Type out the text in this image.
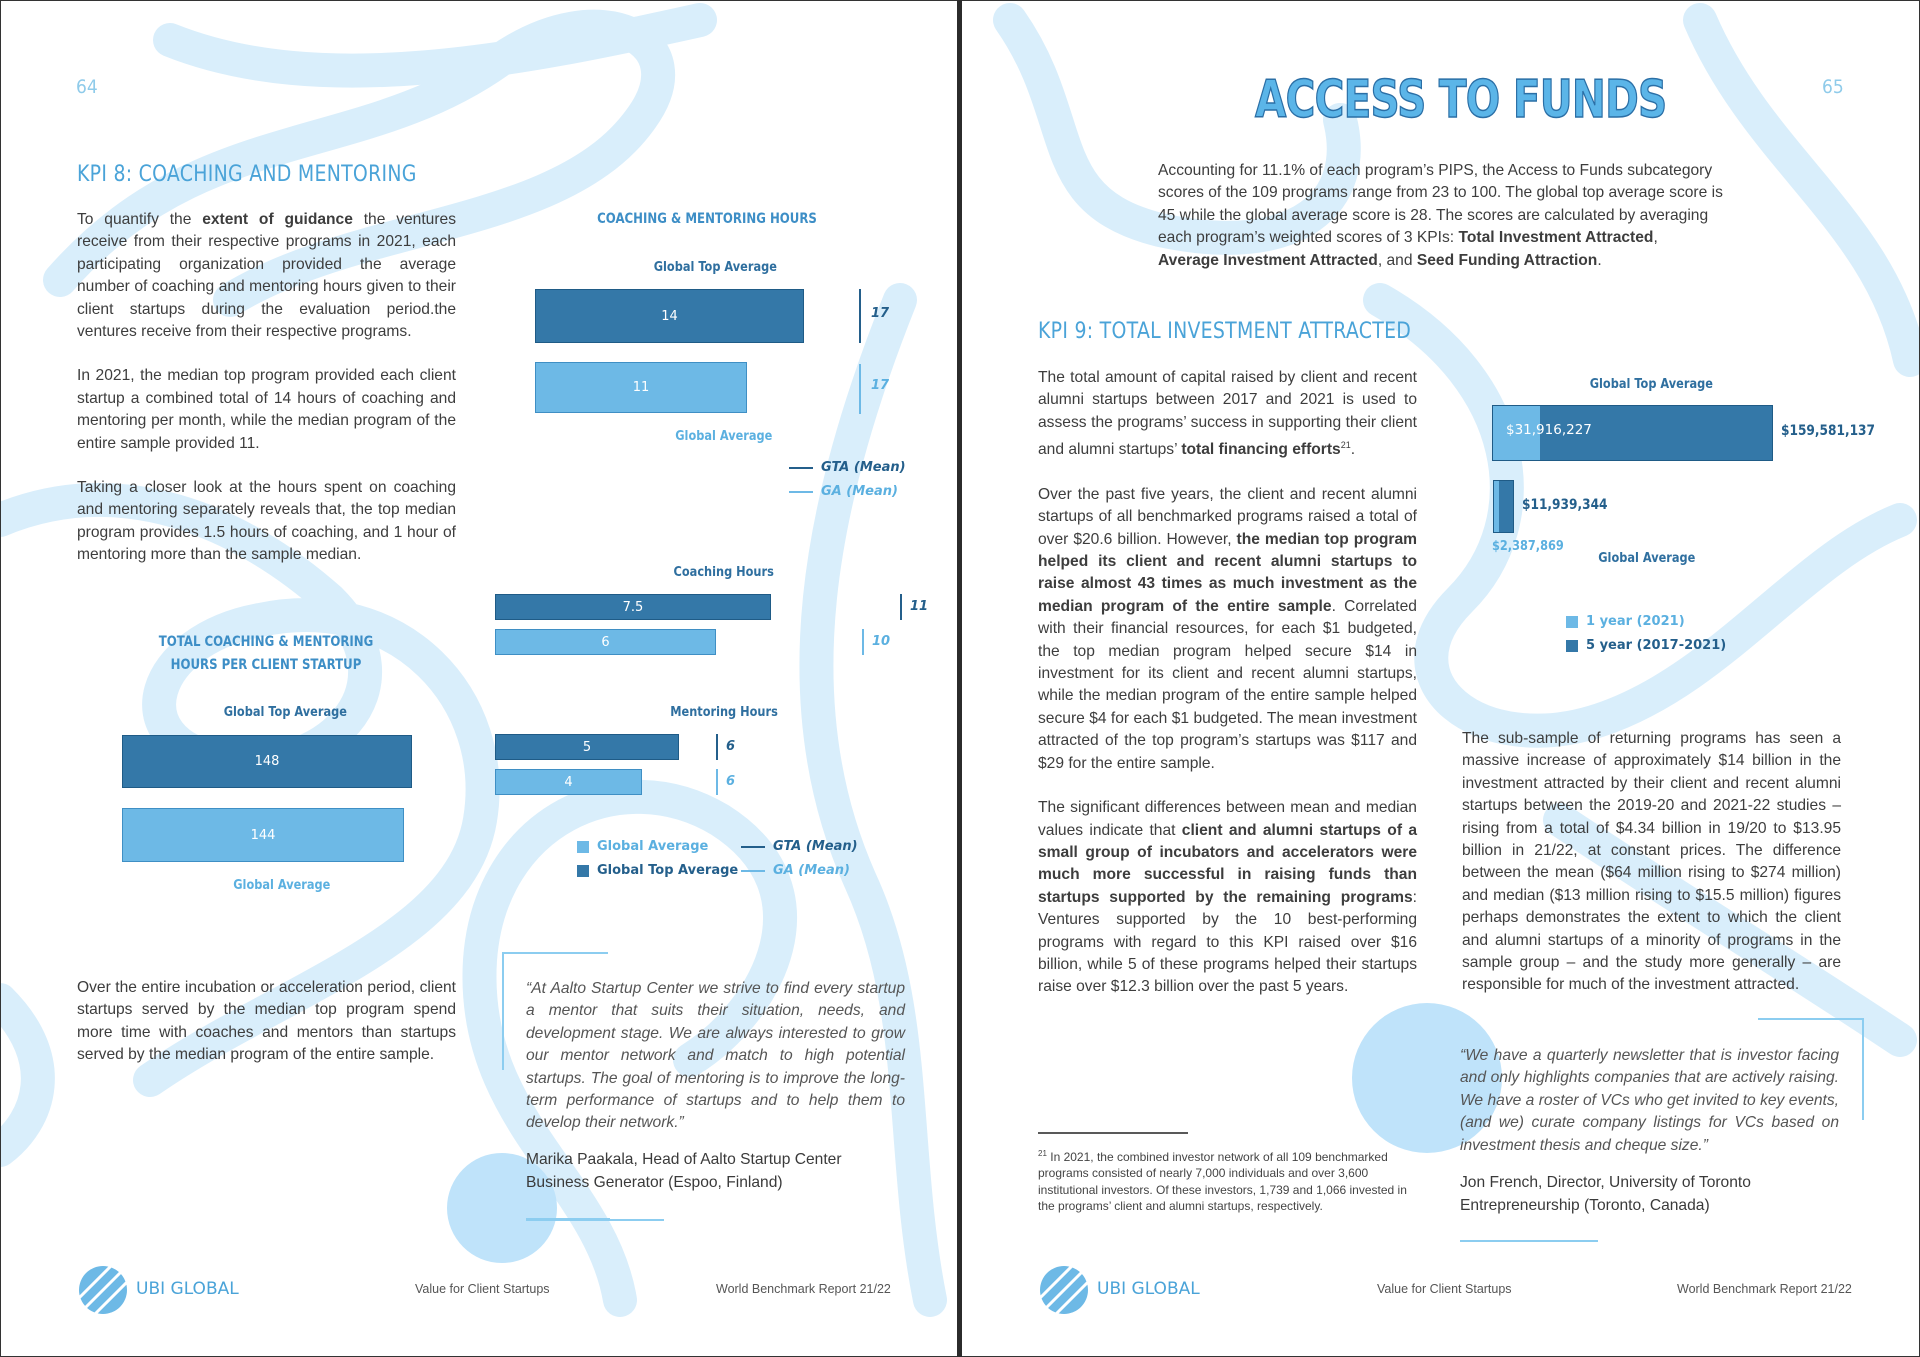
64
KPI 8: COACHING AND MENTORING

To quantify the extent of guidance the ventures receive from their respective programs in 2021, each participating organization provided the average number of coaching and mentoring hours given to their client startups during the evaluation period.the ventures receive from their respective programs.

In 2021, the median top program provided each client startup a combined total of 14 hours of coaching and mentoring per month, while the median program of the entire sample provided 11.

Taking a closer look at the hours spent on coaching and mentoring separately reveals that, the top median program provides 1.5 hours of coaching, and 1 hour of mentoring more than the sample median.

COACHING & MENTORING HOURS
Global Top Average
14	17
11	17
Global Average
GTA (Mean)
GA (Mean)
Coaching Hours
7.5	11
6	10
Mentoring Hours
5	6
4	6
Global Average
Global Top Average
GTA (Mean)
GA (Mean)
TOTAL COACHING & MENTORING
HOURS PER CLIENT STARTUP
Global Top Average
148
144
Global Average
Over the entire incubation or acceleration period, client startups served by the median top program spend more time with coaches and mentors than startups served by the median program of the entire sample.
“At Aalto Startup Center we strive to find every startup a mentor that suits their situation, needs, and development stage. We are always interested to grow our mentor network and match to high potential startups. The goal of mentoring is to improve the long-term performance of startups and to help them to develop their network.”
Marika Paakala, Head of Aalto Startup Center
Business Generator (Espoo, Finland)
UBI GLOBAL	Value for Client Startups	World Benchmark Report 21/22
ACCESS TO FUNDS	65
Accounting for 11.1% of each program’s PIPS, the Access to Funds subcategory scores of the 109 programs range from 23 to 100. The global top average score is 45 while the global average score is 28. The scores are calculated by averaging each program’s weighted scores of 3 KPIs: Total Investment Attracted, Average Investment Attracted, and Seed Funding Attraction.
KPI 9: TOTAL INVESTMENT ATTRACTED

The total amount of capital raised by client and recent alumni startups between 2017 and 2021 is used to assess the programs’ success in supporting their client and alumni startups’ total financing efforts$^{21}$.

Over the past five years, the client and recent alumni startups of all benchmarked programs raised a total of over $20.6 billion. However, the median top program helped its client and recent alumni startups to raise almost 43 times as much investment as the median program of the entire sample. Correlated with their financial resources, for each $1 budgeted, the top median program helped secure $14 in investment for its client and recent alumni startups, while the median program of the entire sample helped secure $4 for each $1 budgeted. The mean investment attracted of the top program’s startups was $117 and $29 for the entire sample.

The significant differences between mean and median values indicate that client and alumni startups of a small group of incubators and accelerators were much more successful in raising funds than startups supported by the remaining programs: Ventures supported by the 10 best-performing programs with regard to this KPI raised over $16 billion, while 5 of these programs helped their startups raise over $12.3 billion over the past 5 years.

Global Top Average
$31,916,227	$159,581,137
$11,939,344
$2,387,869
Global Average
1 year (2021)
5 year (2017-2021)
The sub-sample of returning programs has seen a massive increase of approximately $14 billion in the investment attracted by their client and recent alumni startups between the 2019-20 and 2021-22 studies – rising from a total of $4.34 billion in 19/20 to $13.95 billion in 21/22, at constant prices. The difference between the mean ($64 million rising to $274 million) and median ($13 million rising to $15.5 million) figures perhaps demonstrates the extent to which the client and alumni startups of a minority of programs in the sample group – and the study more generally – are responsible for much of the investment attracted.
$^{21}$ In 2021, the combined investor network of all 109 benchmarked programs consisted of nearly 7,000 individuals and over 3,600 institutional investors. Of these investors, 1,739 and 1,066 invested in the programs’ client and alumni startups, respectively.
“We have a quarterly newsletter that is investor facing and only highlights companies that are actively raising. We have a roster of VCs who get invited to key events, (and we) curate company listings for VCs based on investment thesis and cheque size.”
Jon French, Director, University of Toronto
Entrepreneurship (Toronto, Canada)
UBI GLOBAL	Value for Client Startups	World Benchmark Report 21/22
